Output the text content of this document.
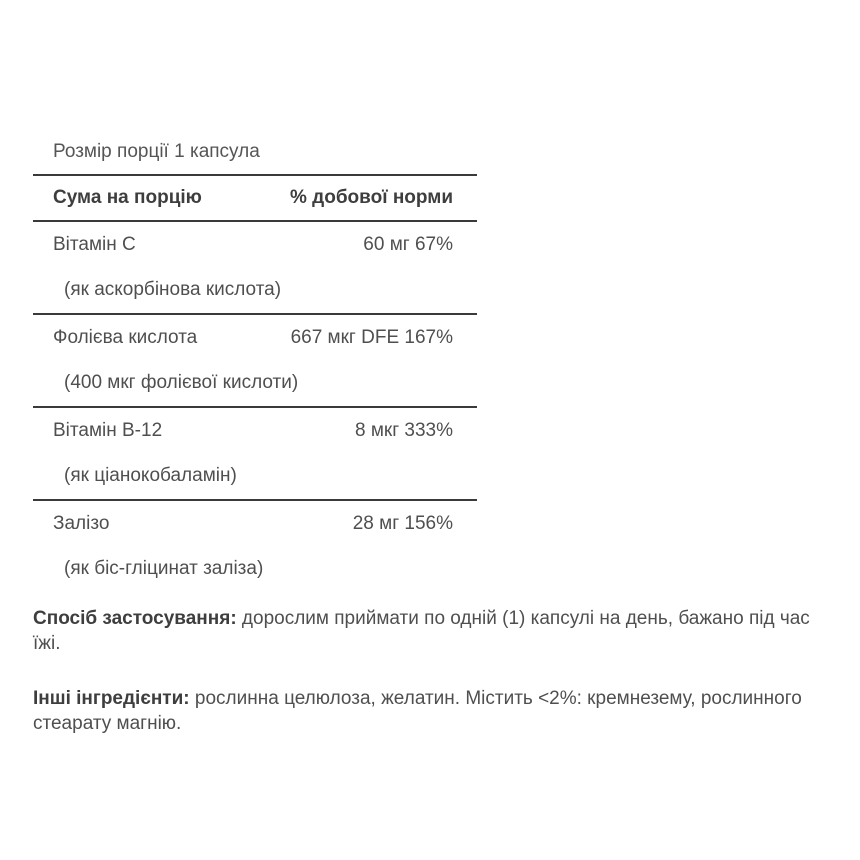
Розмір порції 1 капсула
Сума на порцію	% добової норми
Вітамін C	60 мг 67%
(як аскорбінова кислота)
Фолієва кислота	667 мкг DFE 167%
(400 мкг фолієвої кислоти)
Вітамін B-12	8 мкг 333%
(як ціанокобаламін)
Залізо	28 мг 156%
(як біс-гліцинат заліза)
Спосіб застосування: дорослим приймати по одній (1) капсулі на день, бажано під час їжі.
Інші інгредієнти: рослинна целюлоза, желатин. Містить <2%: кремнезему, рослинного стеарату магнію.
